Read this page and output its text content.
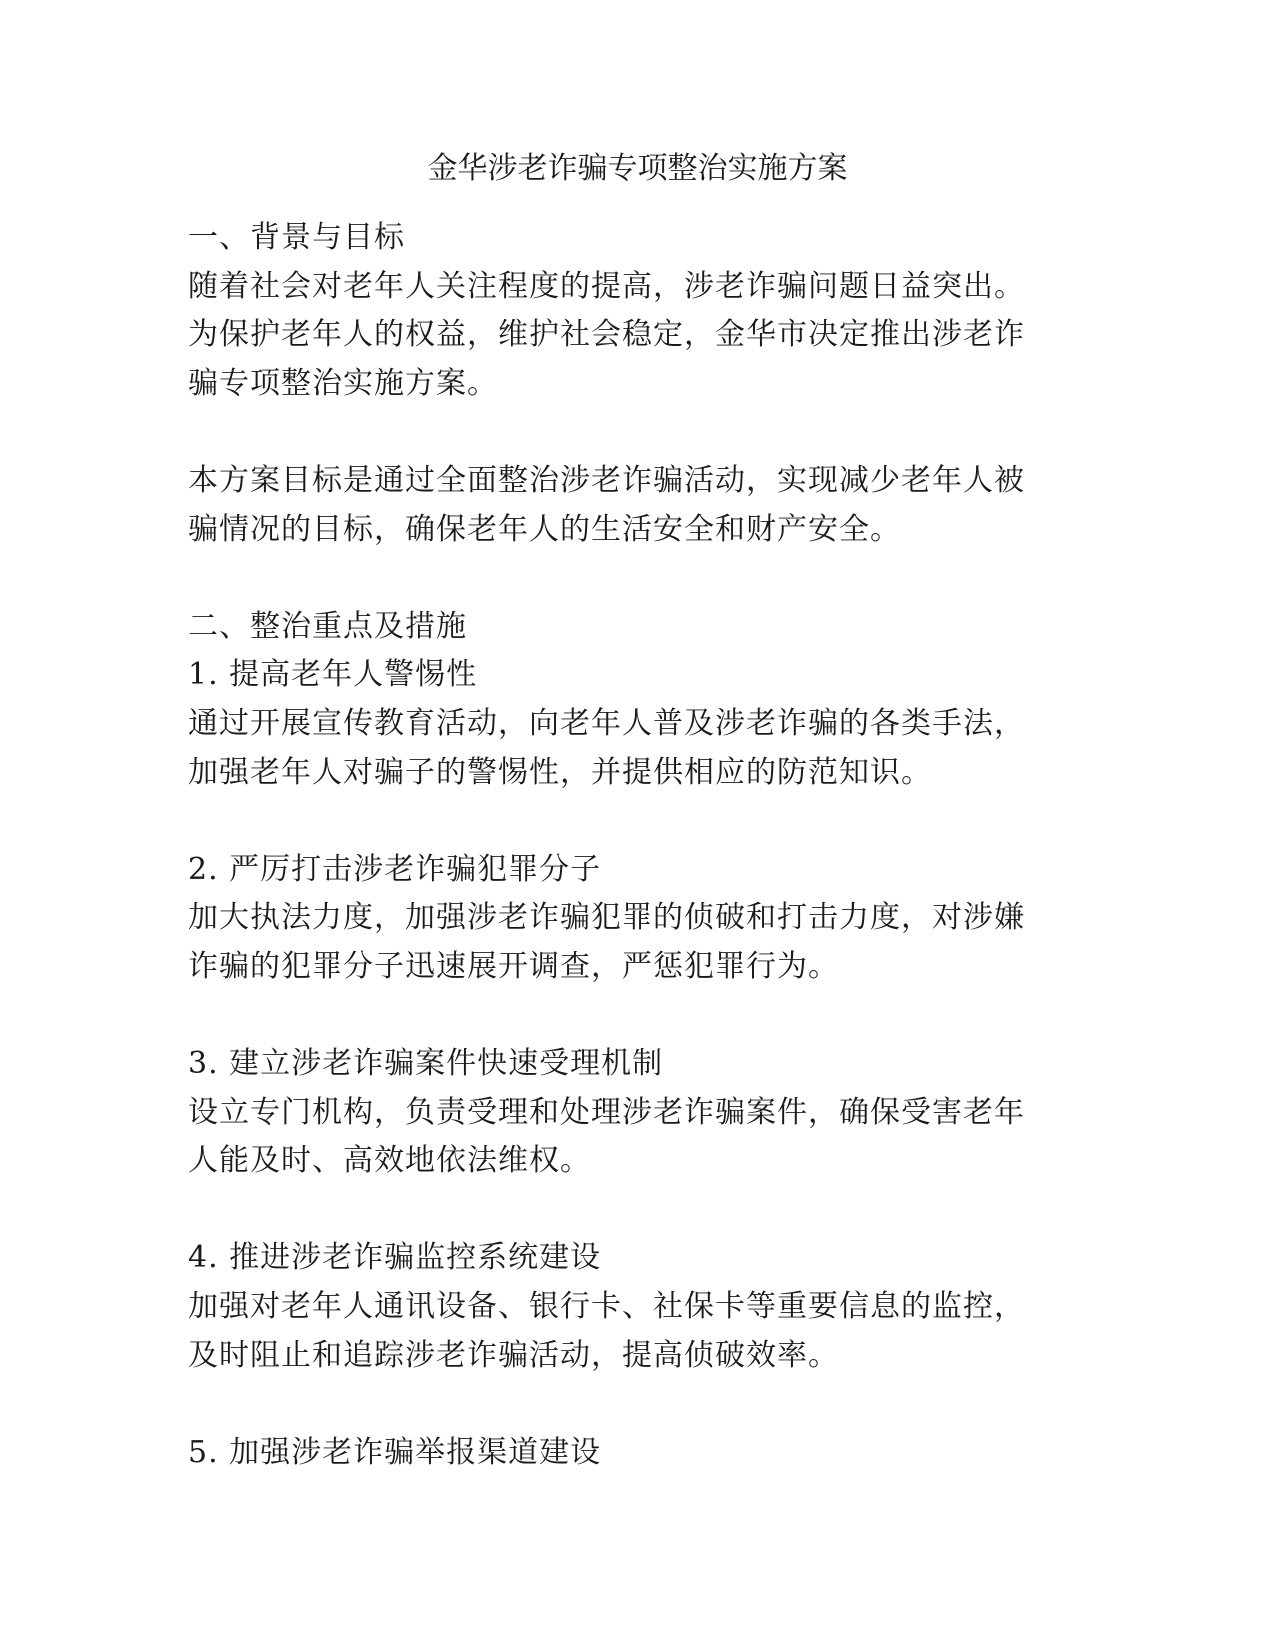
金华涉老诈骗专项整治实施方案
一、背景与目标
随着社会对老年人关注程度的提高，涉老诈骗问题日益突出。
为保护老年人的权益，维护社会稳定，金华市决定推出涉老诈
骗专项整治实施方案。
本方案目标是通过全面整治涉老诈骗活动，实现减少老年人被
骗情况的目标，确保老年人的生活安全和财产安全。
二、整治重点及措施
1. 提高老年人警惕性
通过开展宣传教育活动，向老年人普及涉老诈骗的各类手法，
加强老年人对骗子的警惕性，并提供相应的防范知识。
2. 严厉打击涉老诈骗犯罪分子
加大执法力度，加强涉老诈骗犯罪的侦破和打击力度，对涉嫌
诈骗的犯罪分子迅速展开调查，严惩犯罪行为。
3. 建立涉老诈骗案件快速受理机制
设立专门机构，负责受理和处理涉老诈骗案件，确保受害老年
人能及时、高效地依法维权。
4. 推进涉老诈骗监控系统建设
加强对老年人通讯设备、银行卡、社保卡等重要信息的监控，
及时阻止和追踪涉老诈骗活动，提高侦破效率。
5. 加强涉老诈骗举报渠道建设
